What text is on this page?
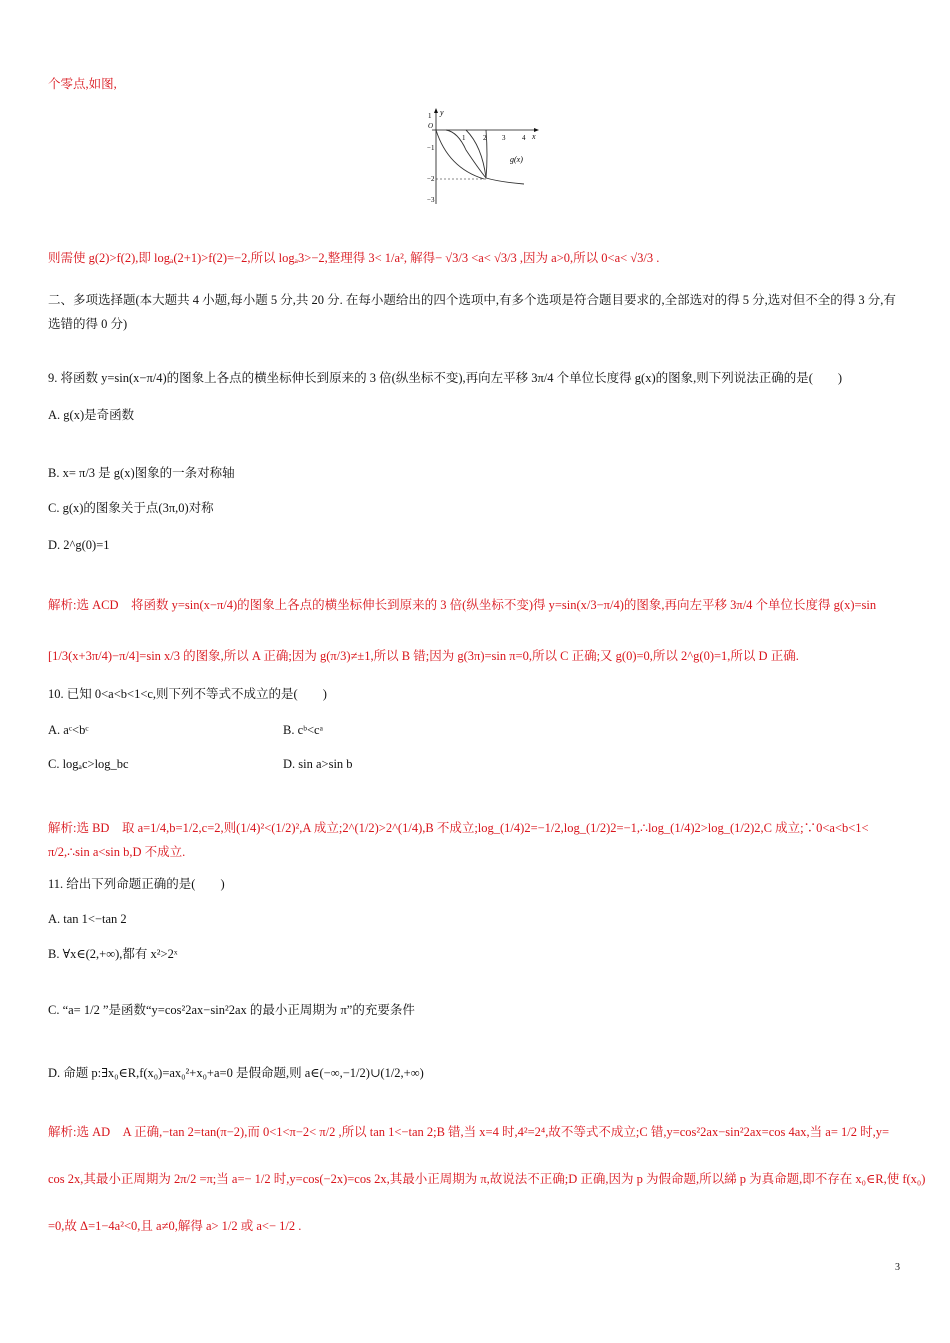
个零点,如图,
y
x
1
O
−1
−2
−3
1	2 3 4
g(x)
则需使 g(2)>f(2),即 logₐ(2+1)>f(2)=−2,所以 logₐ3>−2,整理得 3< 1/a², 解得− √3/3 <a< √3/3 ,因为 a>0,所以 0<a< √3/3 .
二、多项选择题(本大题共 4 小题,每小题 5 分,共 20 分. 在每小题给出的四个选项中,有多个选项是符合题目要求的,全部选对的得 5 分,选对但不全的得 3 分,有选错的得 0 分)
9. 将函数 y=sin(x−π/4)的图象上各点的横坐标伸长到原来的 3 倍(纵坐标不变),再向左平移 3π/4 个单位长度得 g(x)的图象,则下列说法正确的是(　　)
A. g(x)是奇函数
B. x= π/3 是 g(x)图象的一条对称轴
C. g(x)的图象关于点(3π,0)对称
D. 2^g(0)=1
解析:选 ACD　将函数 y=sin(x−π/4)的图象上各点的横坐标伸长到原来的 3 倍(纵坐标不变)得 y=sin(x/3−π/4)的图象,再向左平移 3π/4 个单位长度得 g(x)=sin
[1/3(x+3π/4)−π/4]=sin x/3 的图象,所以 A 正确;因为 g(π/3)≠±1,所以 B 错;因为 g(3π)=sin π=0,所以 C 正确;又 g(0)=0,所以 2^g(0)=1,所以 D 正确.
10. 已知 0<a<b<1<c,则下列不等式不成立的是(　　)
A. aᶜ<bᶜ	B. cᵇ<cᵃ
C. logₐc>log_bc	D. sin a>sin b
解析:选 BD　取 a=1/4,b=1/2,c=2,则(1/4)²<(1/2)²,A 成立;2^(1/2)>2^(1/4),B 不成立;log_(1/4)2=−1/2,log_(1/2)2=−1,∴log_(1/4)2>log_(1/2)2,C 成立;∵0<a<b<1< π/2,∴sin a<sin b,D 不成立.
11. 给出下列命题正确的是(　　)
A. tan 1<−tan 2
B. ∀x∈(2,+∞),都有 x²>2ˣ
C. “a= 1/2 ”是函数“y=cos²2ax−sin²2ax 的最小正周期为 π”的充要条件
D. 命题 p:∃x₀∈R,f(x₀)=ax₀²+x₀+a=0 是假命题,则 a∈(−∞,−1/2)∪(1/2,+∞)
解析:选 AD　A 正确,−tan 2=tan(π−2),而 0<1<π−2< π/2 ,所以 tan 1<−tan 2;B 错,当 x=4 时,4²=2⁴,故不等式不成立;C 错,y=cos²2ax−sin²2ax=cos 4ax,当 a= 1/2 时,y=
cos 2x,其最小正周期为 2π/2 =π;当 a=− 1/2 时,y=cos(−2x)=cos 2x,其最小正周期为 π,故说法不正确;D 正确,因为 p 为假命题,所以綈 p 为真命题,即不存在 x₀∈R,使 f(x₀)
=0,故 Δ=1−4a²<0,且 a≠0,解得 a> 1/2 或 a<− 1/2 .
3
